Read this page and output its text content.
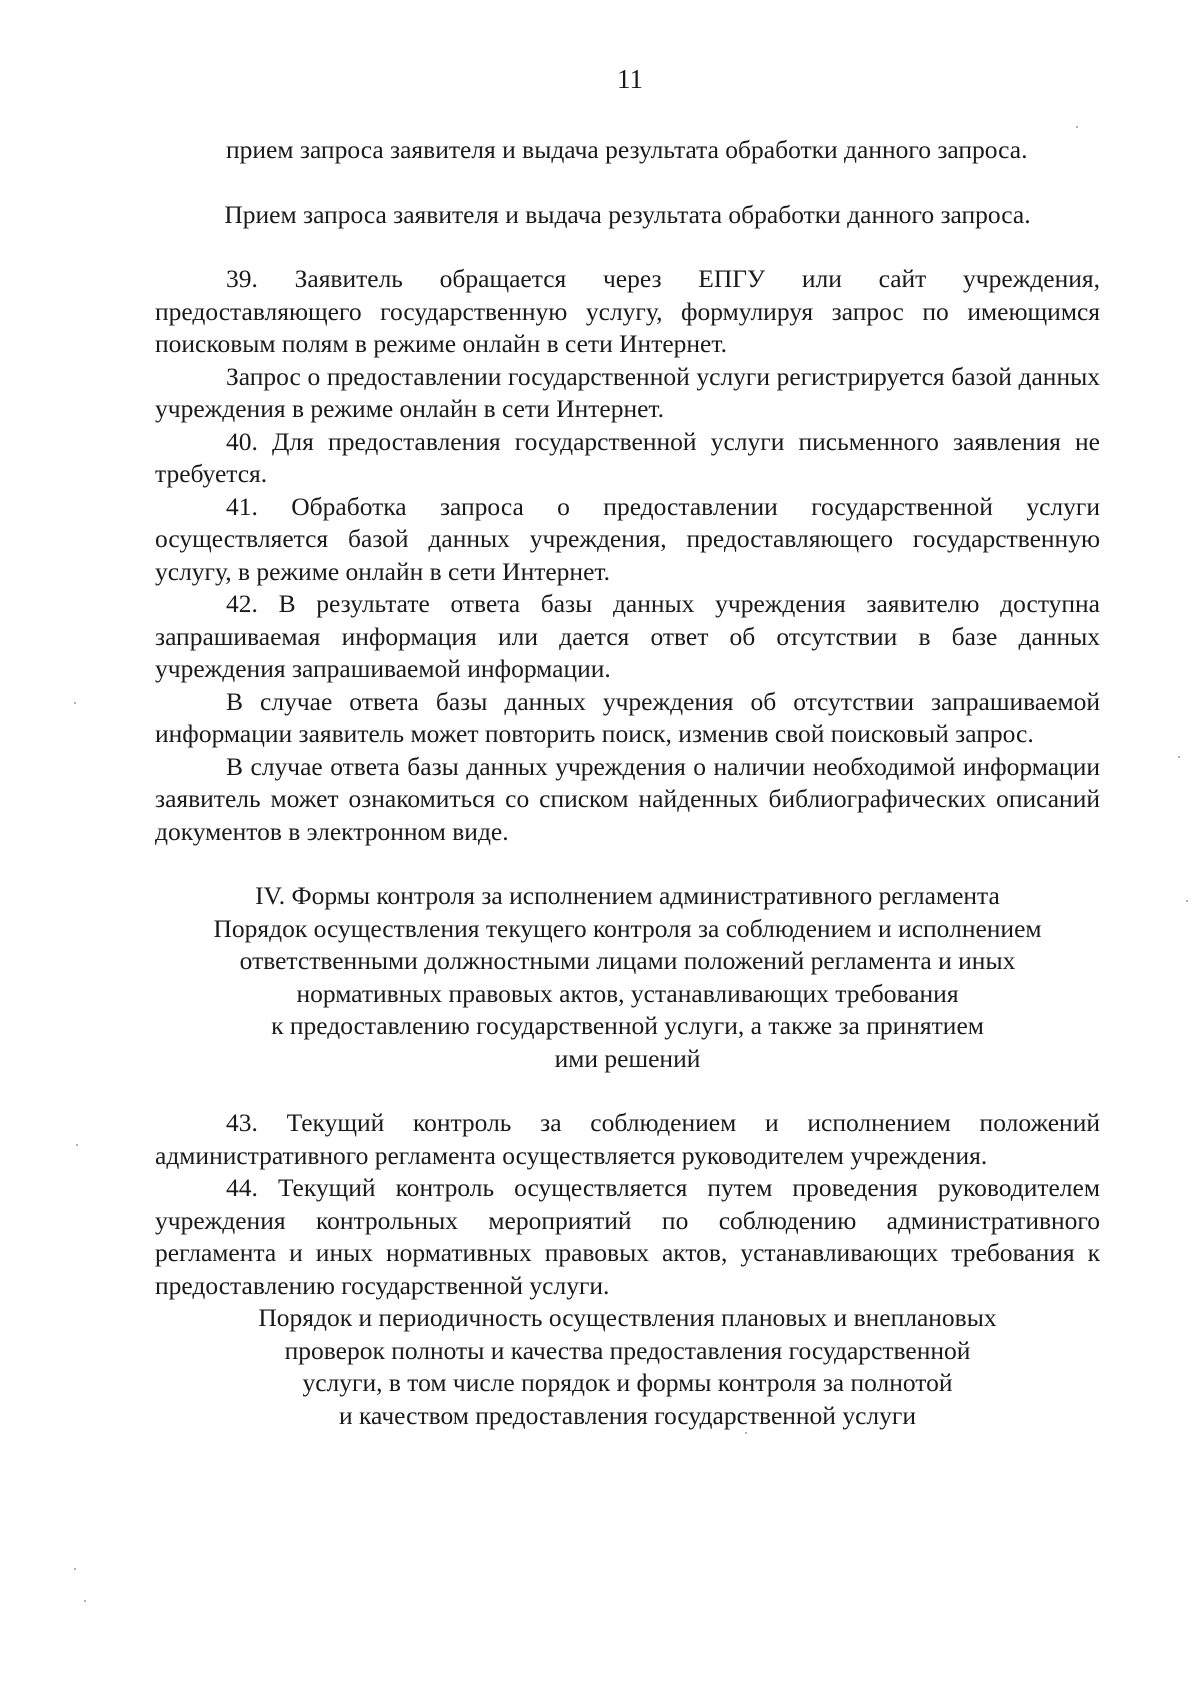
11

прием запроса заявителя и выдача результата обработки данного запроса.

Прием запроса заявителя и выдача результата обработки данного запроса.

39. Заявитель обращается через ЕПГУ или сайт учреждения, предоставляющего государственную услугу, формулируя запрос по имеющимся поисковым полям в режиме онлайн в сети Интернет.

Запрос о предоставлении государственной услуги регистрируется базой данных учреждения в режиме онлайн в сети Интернет.

40. Для предоставления государственной услуги письменного заявления не требуется.

41. Обработка запроса о предоставлении государственной услуги осуществляется базой данных учреждения, предоставляющего государственную услугу, в режиме онлайн в сети Интернет.

42. В результате ответа базы данных учреждения заявителю доступна запрашиваемая информация или дается ответ об отсутствии в базе данных учреждения запрашиваемой информации.

В случае ответа базы данных учреждения об отсутствии запрашиваемой информации заявитель может повторить поиск, изменив свой поисковый запрос.

В случае ответа базы данных учреждения о наличии необходимой информации заявитель может ознакомиться со списком найденных библиографических описаний документов в электронном виде.

IV. Формы контроля за исполнением административного регламента

Порядок осуществления текущего контроля за соблюдением и исполнением
ответственными должностными лицами положений регламента и иных
нормативных правовых актов, устанавливающих требования
к предоставлению государственной услуги, а также за принятием
ими решений

43. Текущий контроль за соблюдением и исполнением положений административного регламента осуществляется руководителем учреждения.

44. Текущий контроль осуществляется путем проведения руководителем учреждения контрольных мероприятий по соблюдению административного регламента и иных нормативных правовых актов, устанавливающих требования к предоставлению государственной услуги.

Порядок и периодичность осуществления плановых и внеплановых
проверок полноты и качества предоставления государственной
услуги, в том числе порядок и формы контроля за полнотой
и качеством предоставления государственной услуги
